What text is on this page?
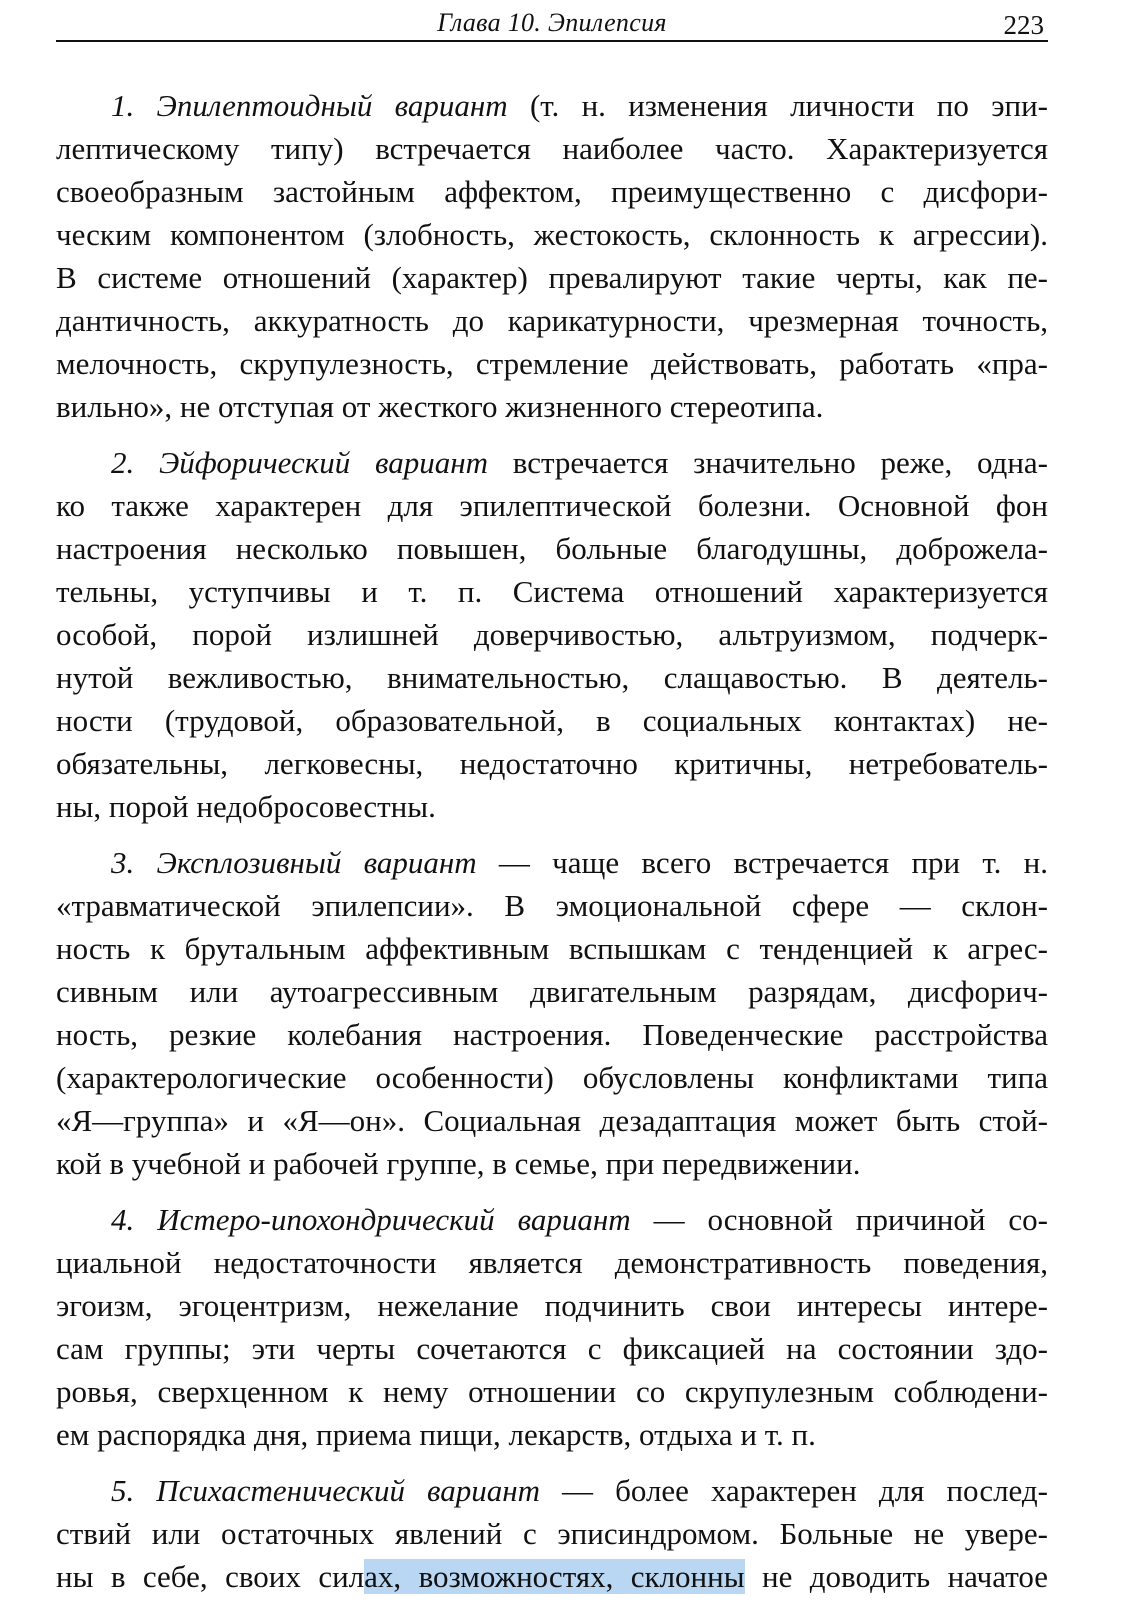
Глава 10. Эпилепсия	223

1. Эпилептоидный вариант (т. н. изменения личности по эпи-
лептическому типу) встречается наиболее часто. Характеризуется
своеобразным застойным аффектом, преимущественно с дисфори-
ческим компонентом (злобность, жестокость, склонность к агрессии).
В системе отношений (характер) превалируют такие черты, как пе-
дантичность, аккуратность до карикатурности, чрезмерная точность,
мелочность, скрупулезность, стремление действовать, работать «пра-
вильно», не отступая от жесткого жизненного стереотипа.

2. Эйфорический вариант встречается значительно реже, одна-
ко также характерен для эпилептической болезни. Основной фон
настроения несколько повышен, больные благодушны, доброжела-
тельны, уступчивы и т. п. Система отношений характеризуется
особой, порой излишней доверчивостью, альтруизмом, подчерк-
нутой вежливостью, внимательностью, слащавостью. В деятель-
ности (трудовой, образовательной, в социальных контактах) не-
обязательны, легковесны, недостаточно критичны, нетребователь-
ны, порой недобросовестны.

3. Эксплозивный вариант — чаще всего встречается при т. н.
«травматической эпилепсии». В эмоциональной сфере — склон-
ность к брутальным аффективным вспышкам с тенденцией к агрес-
сивным или аутоагрессивным двигательным разрядам, дисфорич-
ность, резкие колебания настроения. Поведенческие расстройства
(характерологические особенности) обусловлены конфликтами типа
«Я—группа» и «Я—он». Социальная дезадаптация может быть стой-
кой в учебной и рабочей группе, в семье, при передвижении.

4. Истеро-ипохондрический вариант — основной причиной со-
циальной недостаточности является демонстративность поведения,
эгоизм, эгоцентризм, нежелание подчинить свои интересы интере-
сам группы; эти черты сочетаются с фиксацией на состоянии здо-
ровья, сверхценном к нему отношении со скрупулезным соблюдени-
ем распорядка дня, приема пищи, лекарств, отдыха и т. п.

5. Психастенический вариант — более характерен для послед-
ствий или остаточных явлений с эписиндромом. Больные не увере-
ны в себе, своих силах, возможностях, склонны не доводить начатое
